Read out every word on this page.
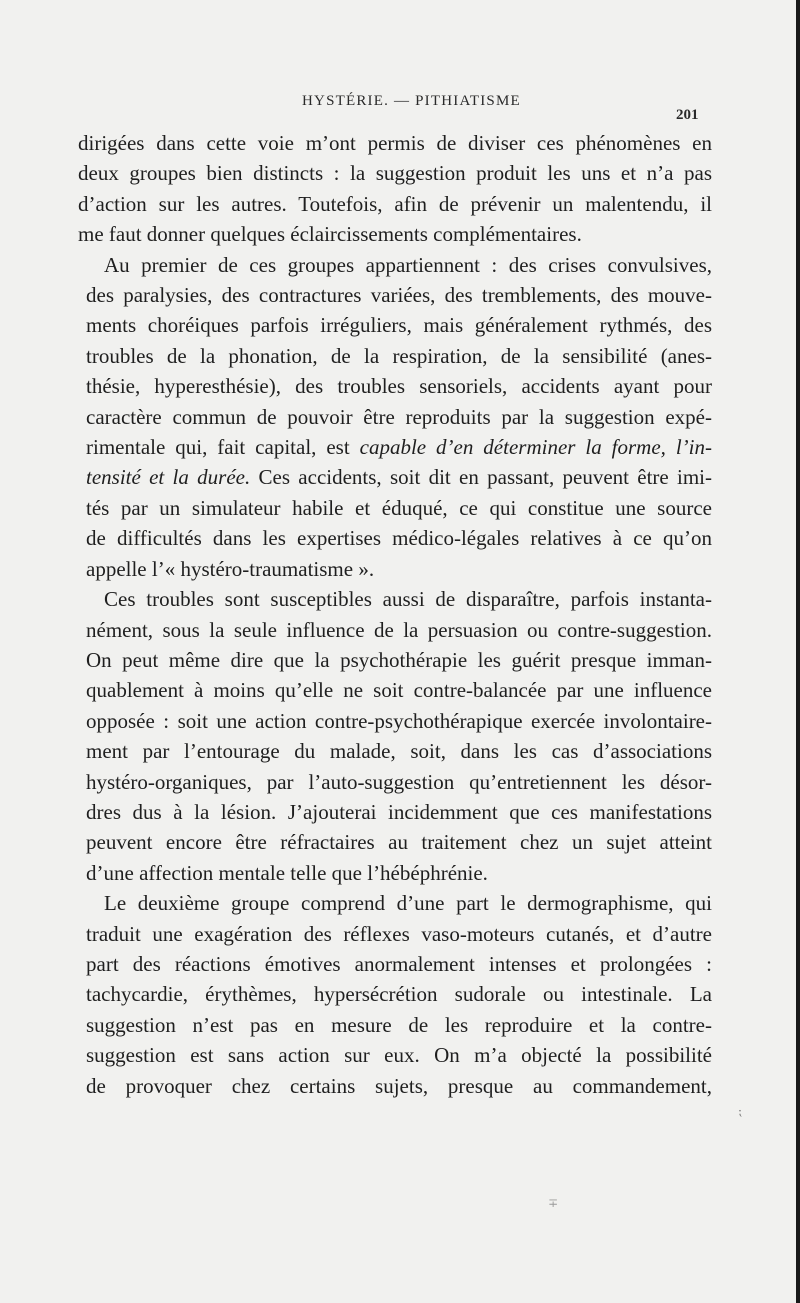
HYSTÉRIE. — PITHIATISME
201

dirigées dans cette voie m’ont permis de diviser ces phénomènes en
deux groupes bien distincts : la suggestion produit les uns et n’a pas
d’action sur les autres. Toutefois, afin de prévenir un malentendu, il
me faut donner quelques éclaircissements complémentaires.

Au premier de ces groupes appartiennent : des crises convulsives,
des paralysies, des contractures variées, des tremblements, des mouve-
ments choréiques parfois irréguliers, mais généralement rythmés, des
troubles de la phonation, de la respiration, de la sensibilité (anes-
thésie, hyperesthésie), des troubles sensoriels, accidents ayant pour
caractère commun de pouvoir être reproduits par la suggestion expé-
rimentale qui, fait capital, est capable d’en déterminer la forme, l’in-
tensité et la durée. Ces accidents, soit dit en passant, peuvent être imi-
tés par un simulateur habile et éduqué, ce qui constitue une source
de difficultés dans les expertises médico-légales relatives à ce qu’on
appelle l’« hystéro-traumatisme ».

Ces troubles sont susceptibles aussi de disparaître, parfois instanta-
nément, sous la seule influence de la persuasion ou contre-suggestion.
On peut même dire que la psychothérapie les guérit presque imman-
quablement à moins qu’elle ne soit contre-balancée par une influence
opposée : soit une action contre-psychothérapique exercée involontaire-
ment par l’entourage du malade, soit, dans les cas d’associations
hystéro-organiques, par l’auto-suggestion qu’entretiennent les désor-
dres dus à la lésion. J’ajouterai incidemment que ces manifestations
peuvent encore être réfractaires au traitement chez un sujet atteint
d’une affection mentale telle que l’hébéphrénie.

Le deuxième groupe comprend d’une part le dermographisme, qui
traduit une exagération des réflexes vaso-moteurs cutanés, et d’autre
part des réactions émotives anormalement intenses et prolongées :
tachycardie, érythèmes, hypersécrétion sudorale ou intestinale. La
suggestion n’est pas en mesure de les reproduire et la contre-
suggestion est sans action sur eux. On m’a objecté la possibilité
de provoquer chez certains sujets, presque au commandement,

⁏
∓
